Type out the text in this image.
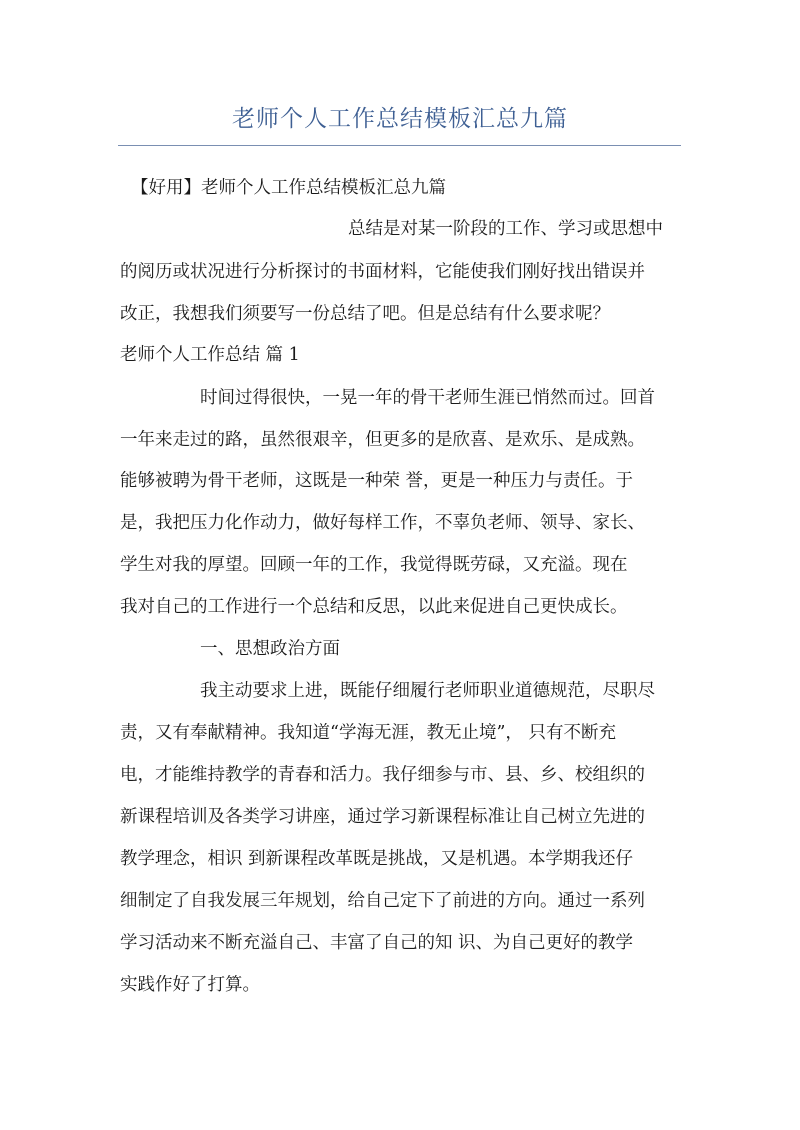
老师个人工作总结模板汇总九篇
【好用】老师个人工作总结模板汇总九篇
总结是对某一阶段的工作、学习或思想中
的阅历或状况进行分析探讨的书面材料，它能使我们刚好找出错误并
改正，我想我们须要写一份总结了吧。但是总结有什么要求呢？
老师个人工作总结 篇 1
时间过得很快，一晃一年的骨干老师生涯已悄然而过。回首
一年来走过的路，虽然很艰辛，但更多的是欣喜、是欢乐、是成熟。
能够被聘为骨干老师，这既是一种荣 誉，更是一种压力与责任。于
是，我把压力化作动力，做好每样工作，不辜负老师、领导、家长、
学生对我的厚望。回顾一年的工作，我觉得既劳碌，又充溢。现在
我对自己的工作进行一个总结和反思，以此来促进自己更快成长。
一、思想政治方面
我主动要求上进，既能仔细履行老师职业道德规范，尽职尽
责，又有奉献精神。我知道“学海无涯，教无止境”， 只有不断充
电，才能维持教学的青春和活力。我仔细参与市、县、乡、校组织的
新课程培训及各类学习讲座，通过学习新课程标准让自己树立先进的
教学理念，相识 到新课程改革既是挑战，又是机遇。本学期我还仔
细制定了自我发展三年规划，给自己定下了前进的方向。通过一系列
学习活动来不断充溢自己、丰富了自己的知 识、为自己更好的教学
实践作好了打算。
